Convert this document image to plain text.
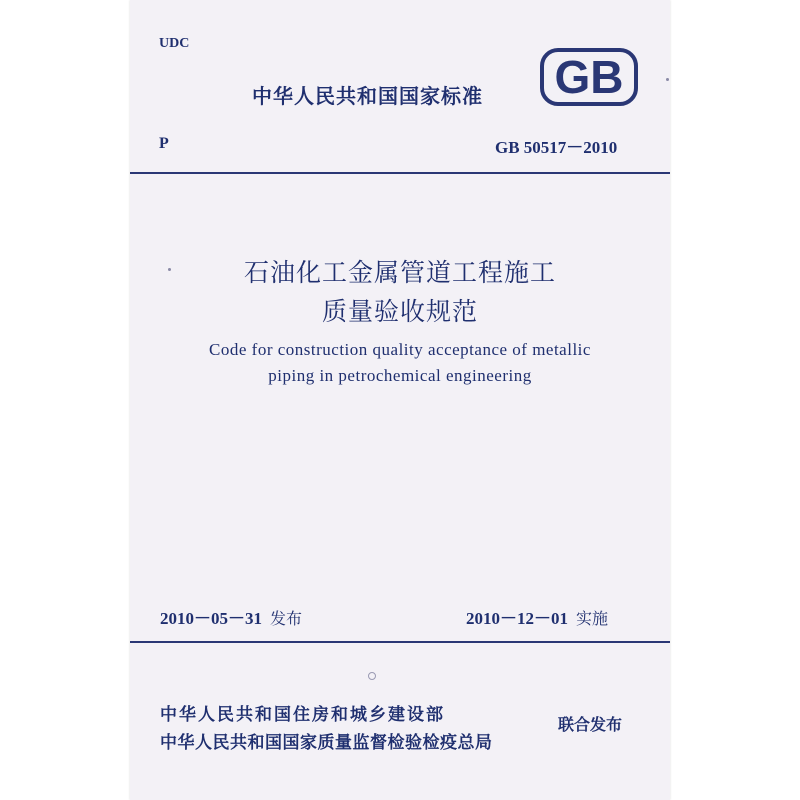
UDC
中华人民共和国国家标准 GB
P	GB 50517－2010
石油化工金属管道工程施工
质量验收规范
Code for construction quality acceptance of metallic
piping in petrochemical engineering
2010－05－31 发布	2010－12－01 实施
中华人民共和国住房和城乡建设部
中华人民共和国国家质量监督检验检疫总局
联合发布
